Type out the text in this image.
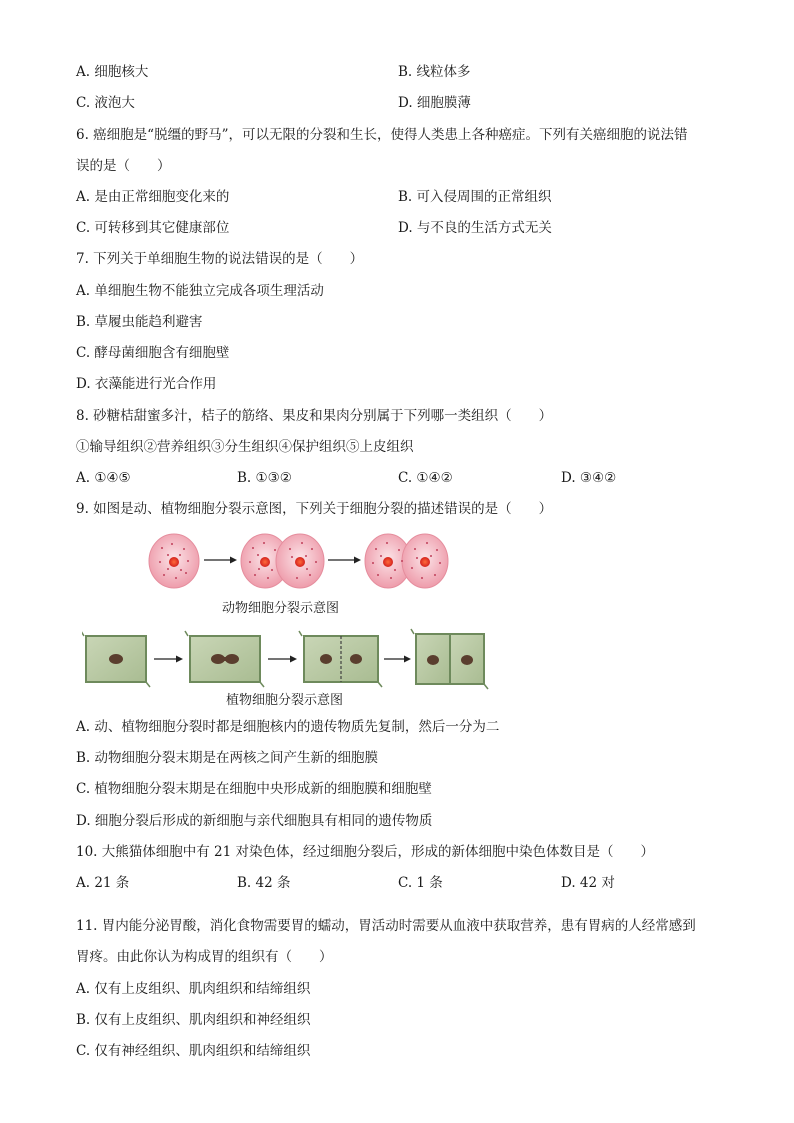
A. 细胞核大	B. 线粒体多
C. 液泡大	D. 细胞膜薄
6. 癌细胞是“脱缰的野马”，可以无限的分裂和生长，使得人类患上各种癌症。下列有关癌细胞的说法错
误的是（　　）
A. 是由正常细胞变化来的	B. 可入侵周围的正常组织
C. 可转移到其它健康部位	D. 与不良的生活方式无关
7. 下列关于单细胞生物的说法错误的是（　　）
A. 单细胞生物不能独立完成各项生理活动
B. 草履虫能趋利避害
C. 酵母菌细胞含有细胞壁
D. 衣藻能进行光合作用
8. 砂糖桔甜蜜多汁，桔子的筋络、果皮和果肉分别属于下列哪一类组织（　　）
①输导组织②营养组织③分生组织④保护组织⑤上皮组织
A. ①④⑤	B. ①③②	C. ①④②	D. ③④②
9. 如图是动、植物细胞分裂示意图，下列关于细胞分裂的描述错误的是（　　）
动物细胞分裂示意图
植物细胞分裂示意图
A. 动、植物细胞分裂时都是细胞核内的遗传物质先复制，然后一分为二
B. 动物细胞分裂末期是在两核之间产生新的细胞膜
C. 植物细胞分裂末期是在细胞中央形成新的细胞膜和细胞壁
D. 细胞分裂后形成的新细胞与亲代细胞具有相同的遗传物质
10. 大熊猫体细胞中有 21 对染色体，经过细胞分裂后，形成的新体细胞中染色体数目是（　　）
A. 21 条	B. 42 条	C. 1 条	D. 42 对
11. 胃内能分泌胃酸，消化食物需要胃的蠕动，胃活动时需要从血液中获取营养，患有胃病的人经常感到
胃疼。由此你认为构成胃的组织有（　　）
A. 仅有上皮组织、肌肉组织和结缔组织
B. 仅有上皮组织、肌肉组织和神经组织
C. 仅有神经组织、肌肉组织和结缔组织
